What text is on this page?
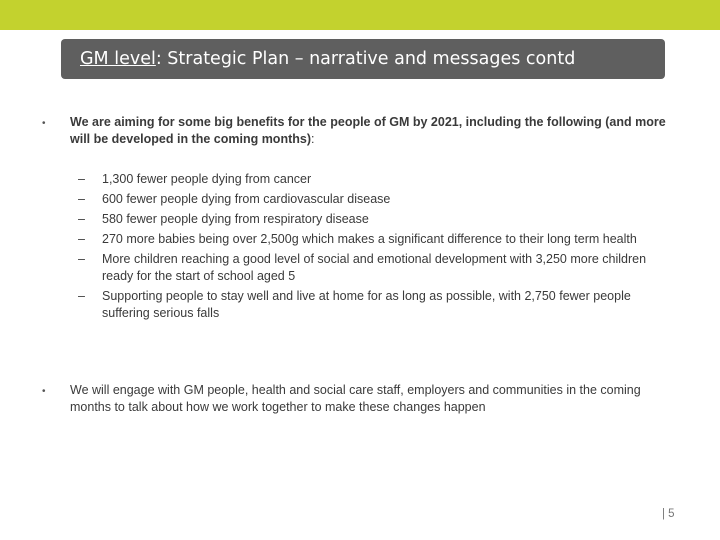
GM level: Strategic Plan – narrative and messages contd
• We are aiming for some big benefits for the people of GM by 2021, including the following (and more will be developed in the coming months):
– 1,300 fewer people dying from cancer
– 600 fewer people dying from cardiovascular disease
– 580 fewer people dying from respiratory disease
– 270 more babies being over 2,500g which makes a significant difference to their long term health
– More children reaching a good level of social and emotional development with 3,250 more children ready for the start of school aged 5
– Supporting people to stay well and live at home for as long as possible, with 2,750 fewer people suffering serious falls
• We will engage with GM people, health and social care staff, employers and communities in the coming months to talk about how we work together to make these changes happen
| 5
